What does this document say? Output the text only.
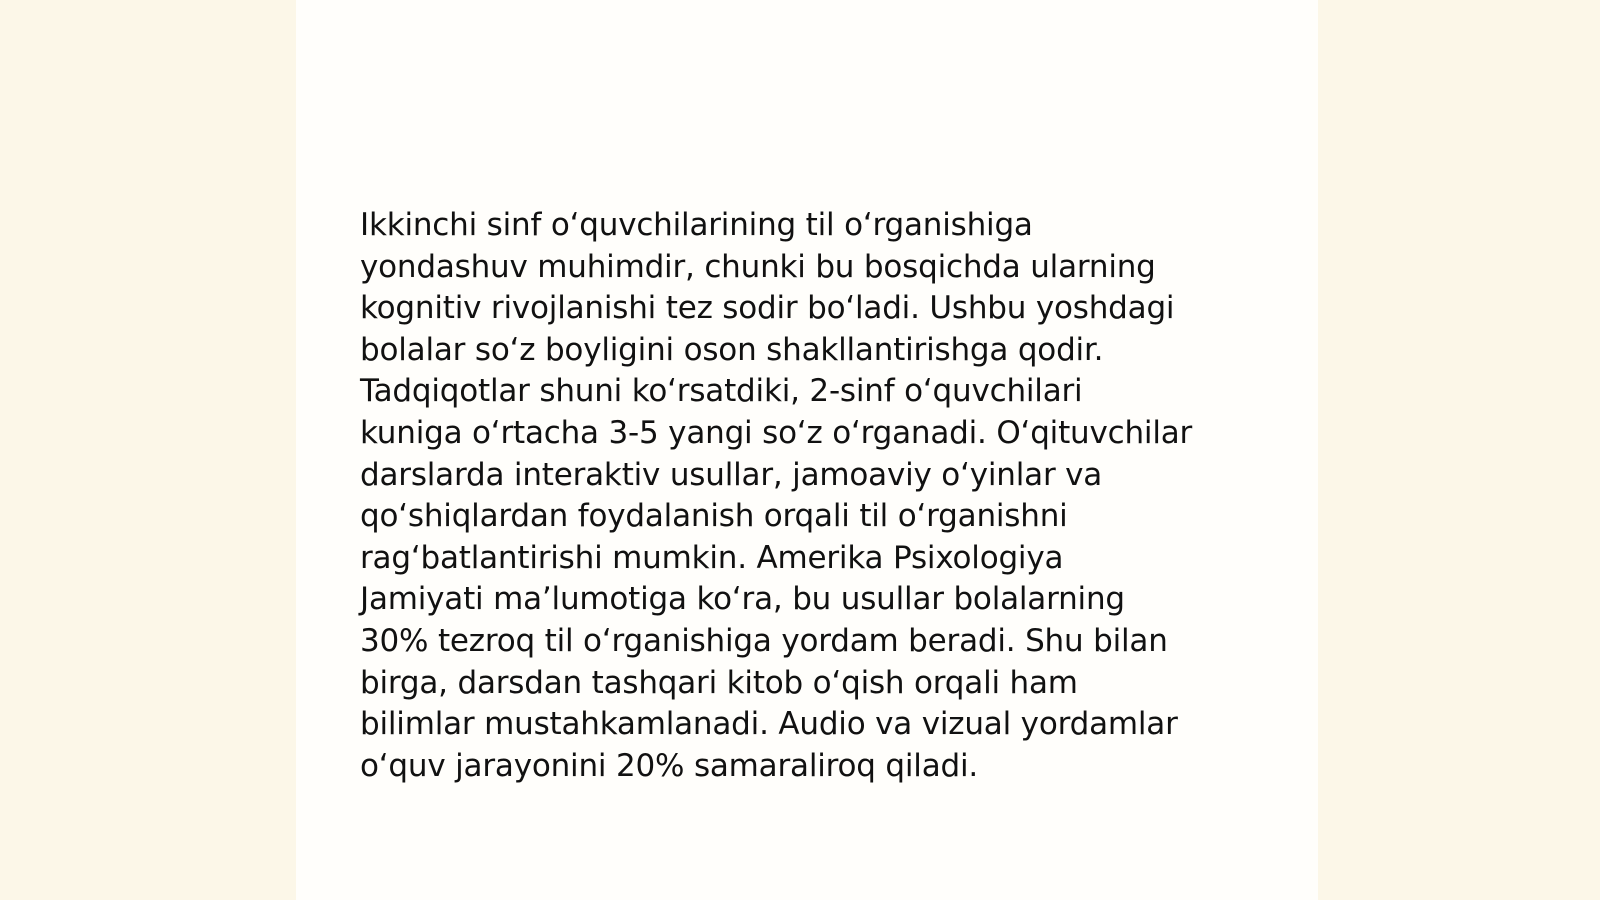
Ikkinchi sinf oʻquvchilarining til oʻrganishiga
yondashuv muhimdir, chunki bu bosqichda ularning
kognitiv rivojlanishi tez sodir boʻladi. Ushbu yoshdagi
bolalar soʻz boyligini oson shakllantirishga qodir.
Tadqiqotlar shuni koʻrsatdiki, 2-sinf oʻquvchilari
kuniga oʻrtacha 3-5 yangi soʻz oʻrganadi. Oʻqituvchilar
darslarda interaktiv usullar, jamoaviy oʻyinlar va
qoʻshiqlardan foydalanish orqali til oʻrganishni
ragʻbatlantirishi mumkin. Amerika Psixologiya
Jamiyati maʼlumotiga koʻra, bu usullar bolalarning
30% tezroq til oʻrganishiga yordam beradi. Shu bilan
birga, darsdan tashqari kitob oʻqish orqali ham
bilimlar mustahkamlanadi. Audio va vizual yordamlar
oʻquv jarayonini 20% samaraliroq qiladi.
